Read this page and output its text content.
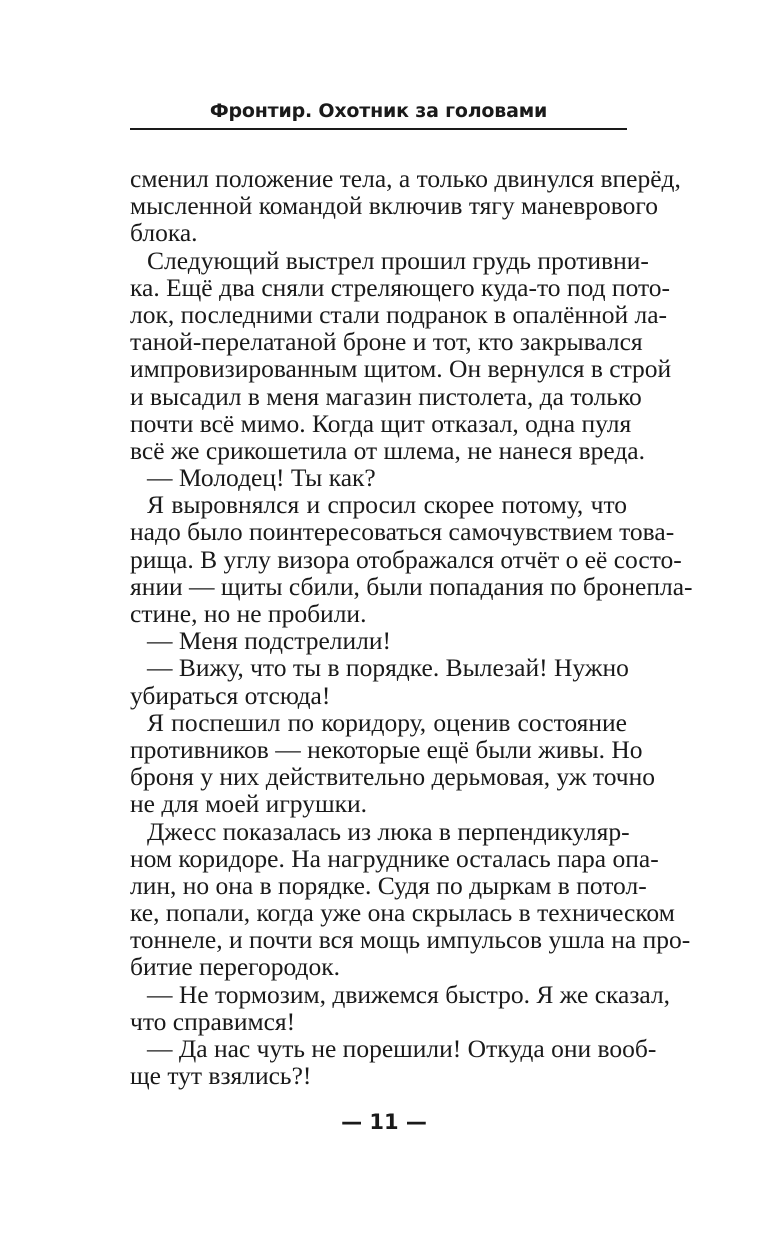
Фронтир. Охотник за головами
сменил положение тела, а только двинулся вперёд,
мысленной командой включив тягу маневрового
блока.
Следующий выстрел прошил грудь противни-
ка. Ещё два сняли стреляющего куда-то под пото-
лок, последними стали подранок в опалённой ла-
таной-перелатаной броне и тот, кто закрывался
импровизированным щитом. Он вернулся в строй
и высадил в меня магазин пистолета, да только
почти всё мимо. Когда щит отказал, одна пуля
всё же срикошетила от шлема, не нанеся вреда.
— Молодец! Ты как?
Я выровнялся и спросил скорее потому, что
надо было поинтересоваться самочувствием това-
рища. В углу визора отображался отчёт о её состо-
янии — щиты сбили, были попадания по бронепла-
стине, но не пробили.
— Меня подстрелили!
— Вижу, что ты в порядке. Вылезай! Нужно
убираться отсюда!
Я поспешил по коридору, оценив состояние
противников — некоторые ещё были живы. Но
броня у них действительно дерьмовая, уж точно
не для моей игрушки.
Джесс показалась из люка в перпендикуляр-
ном коридоре. На нагруднике осталась пара опа-
лин, но она в порядке. Судя по дыркам в потол-
ке, попали, когда уже она скрылась в техническом
тоннеле, и почти вся мощь импульсов ушла на про-
битие перегородок.
— Не тормозим, движемся быстро. Я же сказал,
что справимся!
— Да нас чуть не порешили! Откуда они вооб-
ще тут взялись?!
— 11 —
